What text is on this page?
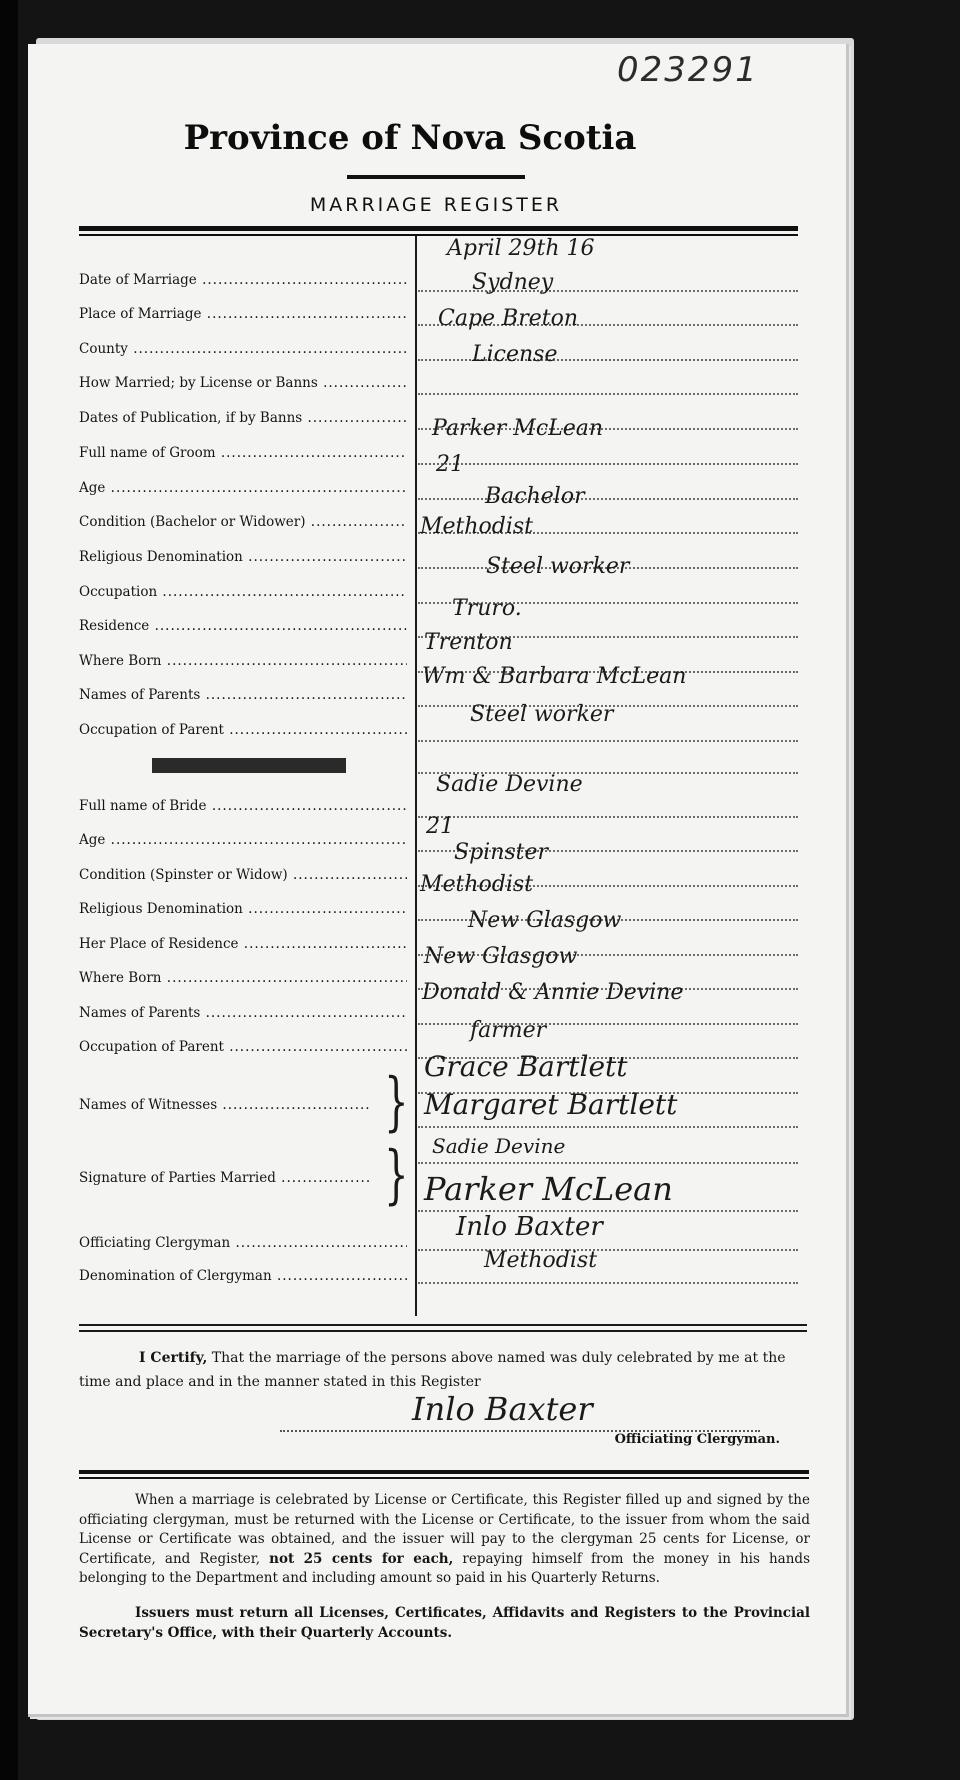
023291
Province of Nova Scotia
MARRIAGE REGISTER
Date of Marriage .....
April 29th 16
Place of Marriage .....
Sydney
County .....
Cape Breton
How Married; by License or Banns .....
License
Dates of Publication, if by Banns .....
Full name of Groom .....
Parker McLean
Age .....
21
Condition (Bachelor or Widower) .....
Bachelor
Religious Denomination .....
Methodist
Occupation .....
Steel worker
Residence .....
Truro.
Where Born .....
Trenton
Names of Parents .....
Wm & Barbara McLean
Occupation of Parent .....
Steel worker
Full name of Bride .....
Sadie Devine
Age .....
21
Condition (Spinster or Widow) .....
Spinster
Religious Denomination .....
Methodist
Her Place of Residence .....
New Glasgow
Where Born .....
New Glasgow
Names of Parents .....
Donald & Annie Devine
Occupation of Parent .....
farmer
Names of Witnesses .....	} Grace Bartlett
Margaret Bartlett
Signature of Parties Married .....	} Sadie Devine
Parker McLean
Officiating Clergyman .....
Inlo Baxter
Denomination of Clergyman .....
Methodist
I Certify, That the marriage of the persons above named was duly celebrated by me at the time and place and in the manner stated in this Register
Inlo Baxter
Officiating Clergyman.
When a marriage is celebrated by License or Certificate, this Register filled up and signed by the officiating clergyman, must be returned with the License or Certificate, to the issuer from whom the said License or Certificate was obtained, and the issuer will pay to the clergyman 25 cents for License, or Certificate, and Register, not 25 cents for each, repaying himself from the money in his hands belonging to the Department and including amount so paid in his Quarterly Returns.
Issuers must return all Licenses, Certificates, Affidavits and Registers to the Provincial Secretary's Office, with their Quarterly Accounts.
